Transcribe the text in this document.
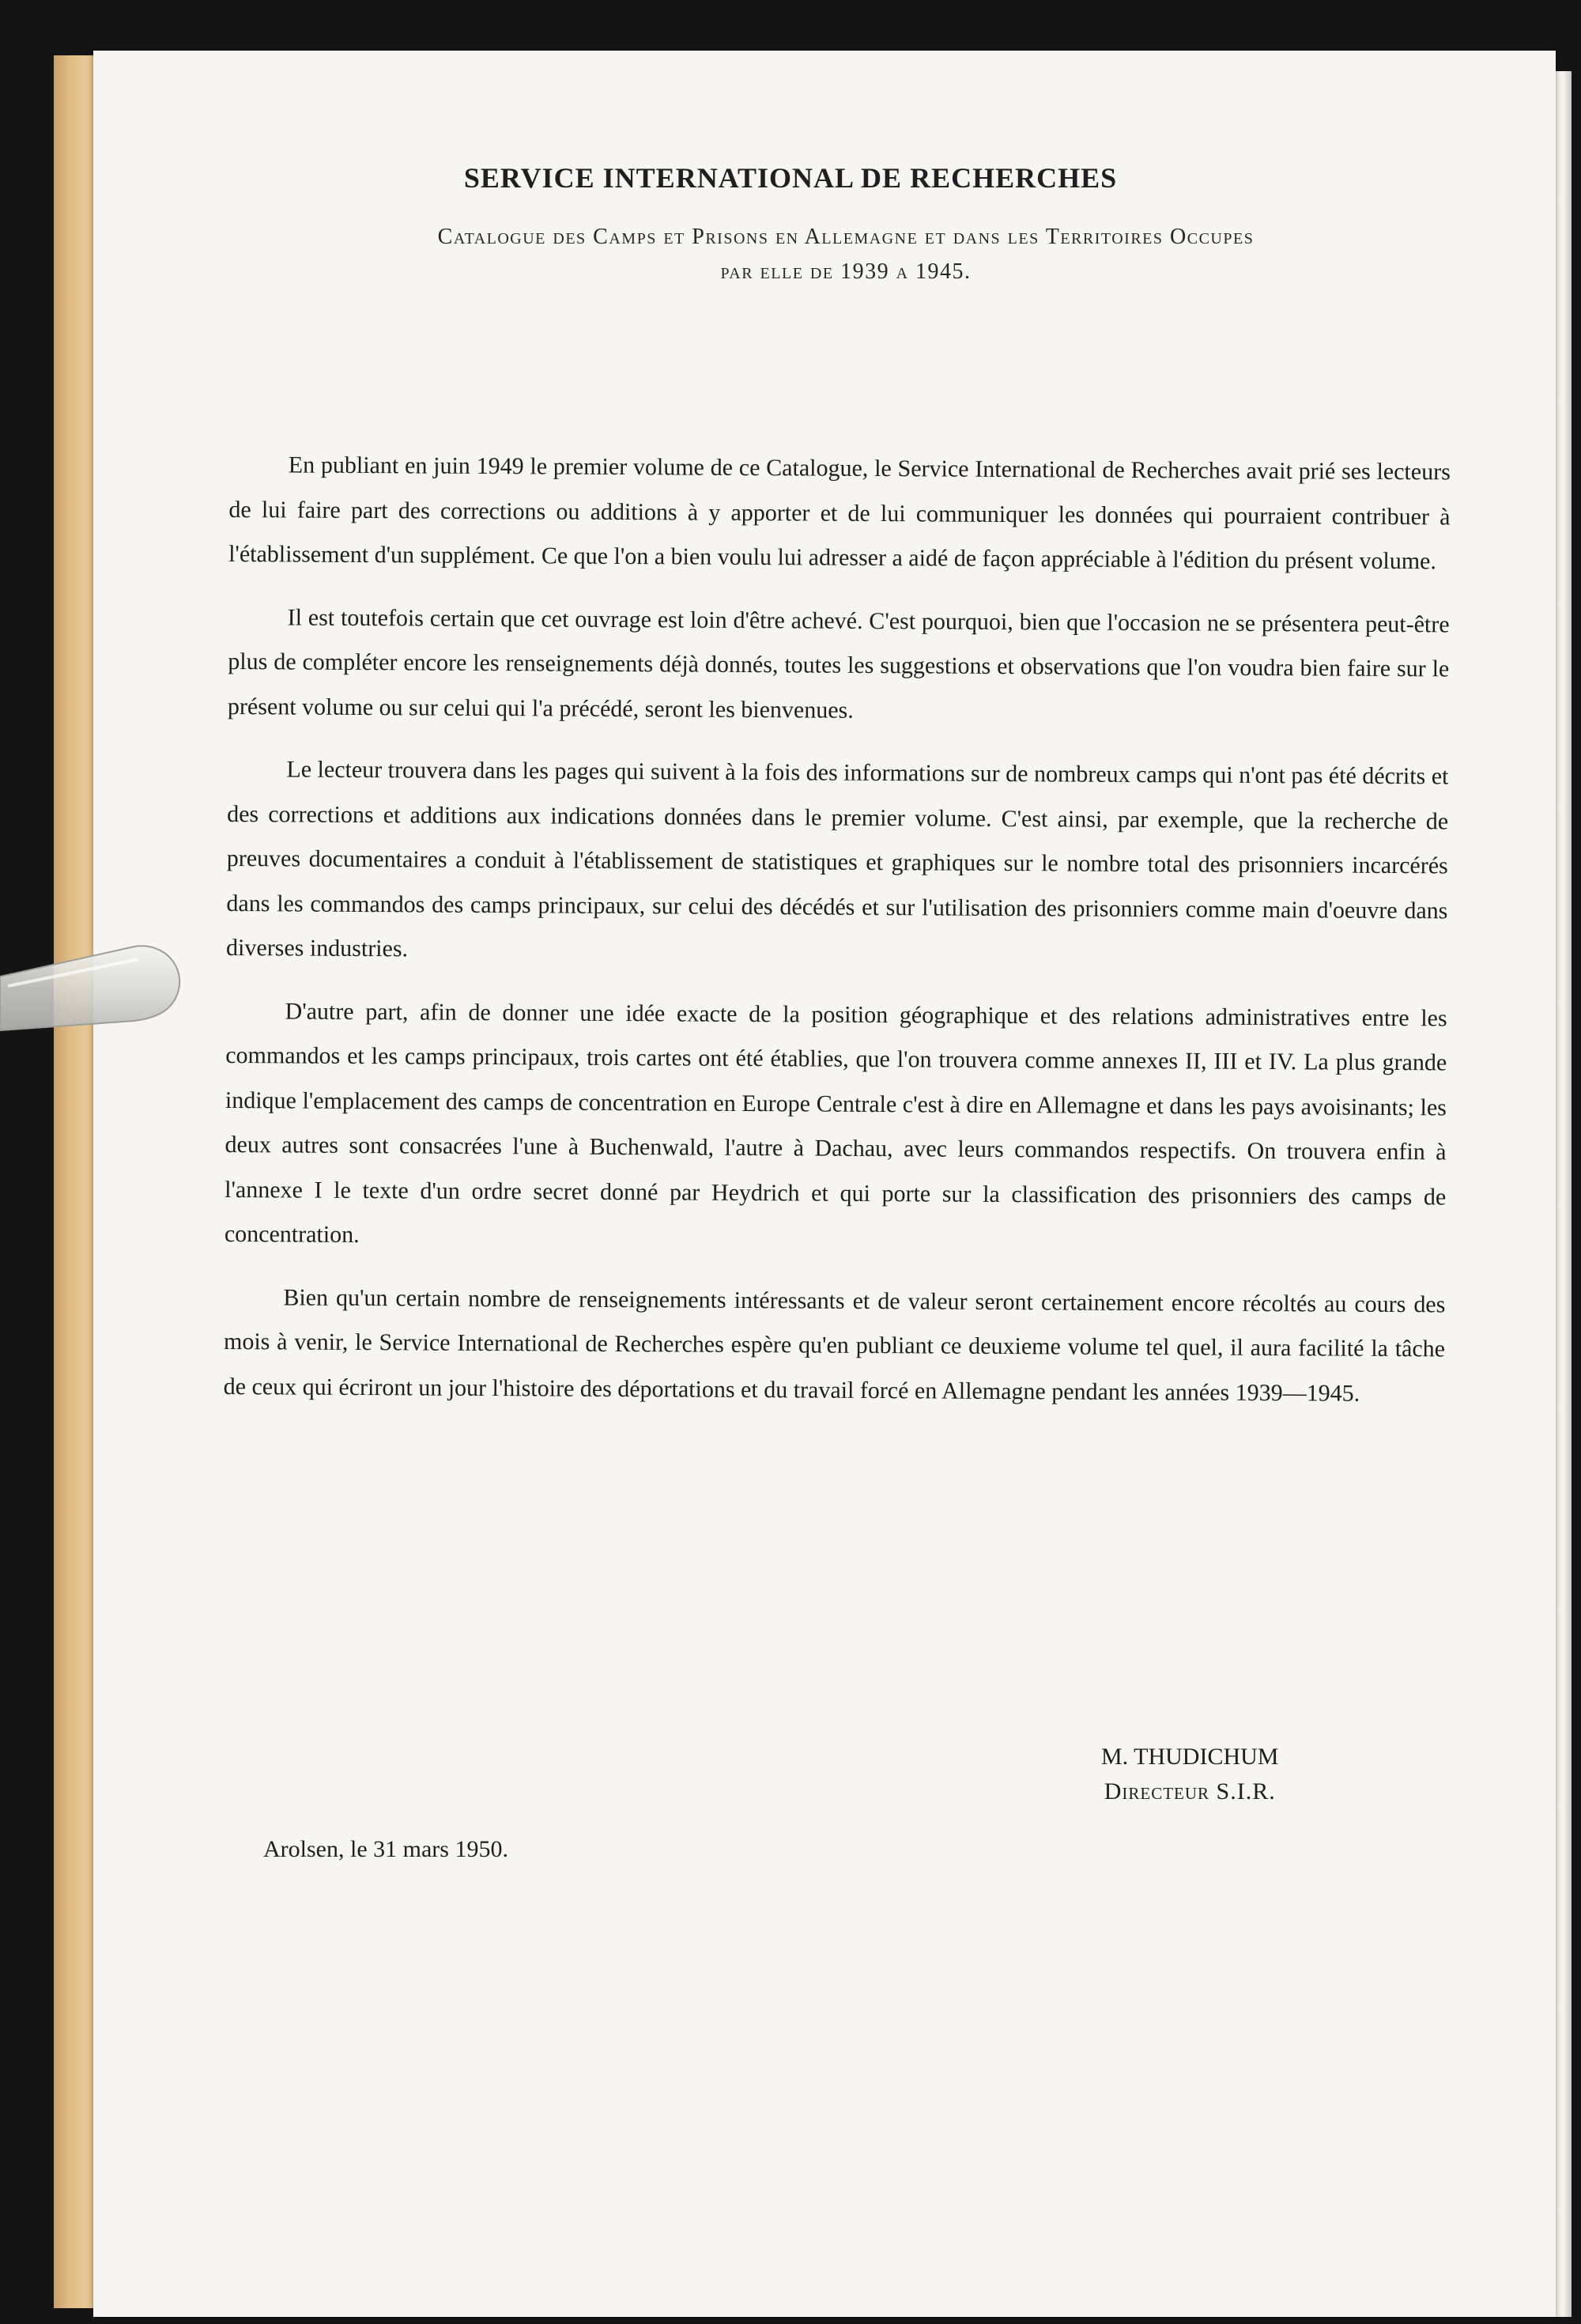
SERVICE INTERNATIONAL DE RECHERCHES
Catalogue des Camps et Prisons en Allemagne et dans les Territoires Occupes
par elle de 1939 a 1945.

En publiant en juin 1949 le premier volume de ce Catalogue, le Service International de Recherches avait prié ses lecteurs de lui faire part des corrections ou additions à y apporter et de lui communiquer les données qui pourraient contribuer à l'établissement d'un supplément. Ce que l'on a bien voulu lui adresser a aidé de façon appréciable à l'édition du présent volume.

Il est toutefois certain que cet ouvrage est loin d'être achevé. C'est pourquoi, bien que l'occasion ne se présentera peut-être plus de compléter encore les renseignements déjà donnés, toutes les suggestions et observations que l'on voudra bien faire sur le présent volume ou sur celui qui l'a précédé, seront les bienvenues.

Le lecteur trouvera dans les pages qui suivent à la fois des informations sur de nombreux camps qui n'ont pas été décrits et des corrections et additions aux indications données dans le premier volume. C'est ainsi, par exemple, que la recherche de preuves documentaires a conduit à l'établissement de statistiques et graphiques sur le nombre total des prisonniers incarcérés dans les commandos des camps principaux, sur celui des décédés et sur l'utilisation des prisonniers comme main d'oeuvre dans diverses industries.

D'autre part, afin de donner une idée exacte de la position géographique et des relations administratives entre les commandos et les camps principaux, trois cartes ont été établies, que l'on trouvera comme annexes II, III et IV. La plus grande indique l'emplacement des camps de concentration en Europe Centrale c'est à dire en Allemagne et dans les pays avoisinants; les deux autres sont consacrées l'une à Buchenwald, l'autre à Dachau, avec leurs commandos respectifs. On trouvera enfin à l'annexe I le texte d'un ordre secret donné par Heydrich et qui porte sur la classification des prisonniers des camps de concentration.

Bien qu'un certain nombre de renseignements intéressants et de valeur seront certainement encore récoltés au cours des mois à venir, le Service International de Recherches espère qu'en publiant ce deuxieme volume tel quel, il aura facilité la tâche de ceux qui écriront un jour l'histoire des déportations et du travail forcé en Allemagne pendant les années 1939—1945.

M. THUDICHUM
Directeur S.I.R.
Arolsen, le 31 mars 1950.
